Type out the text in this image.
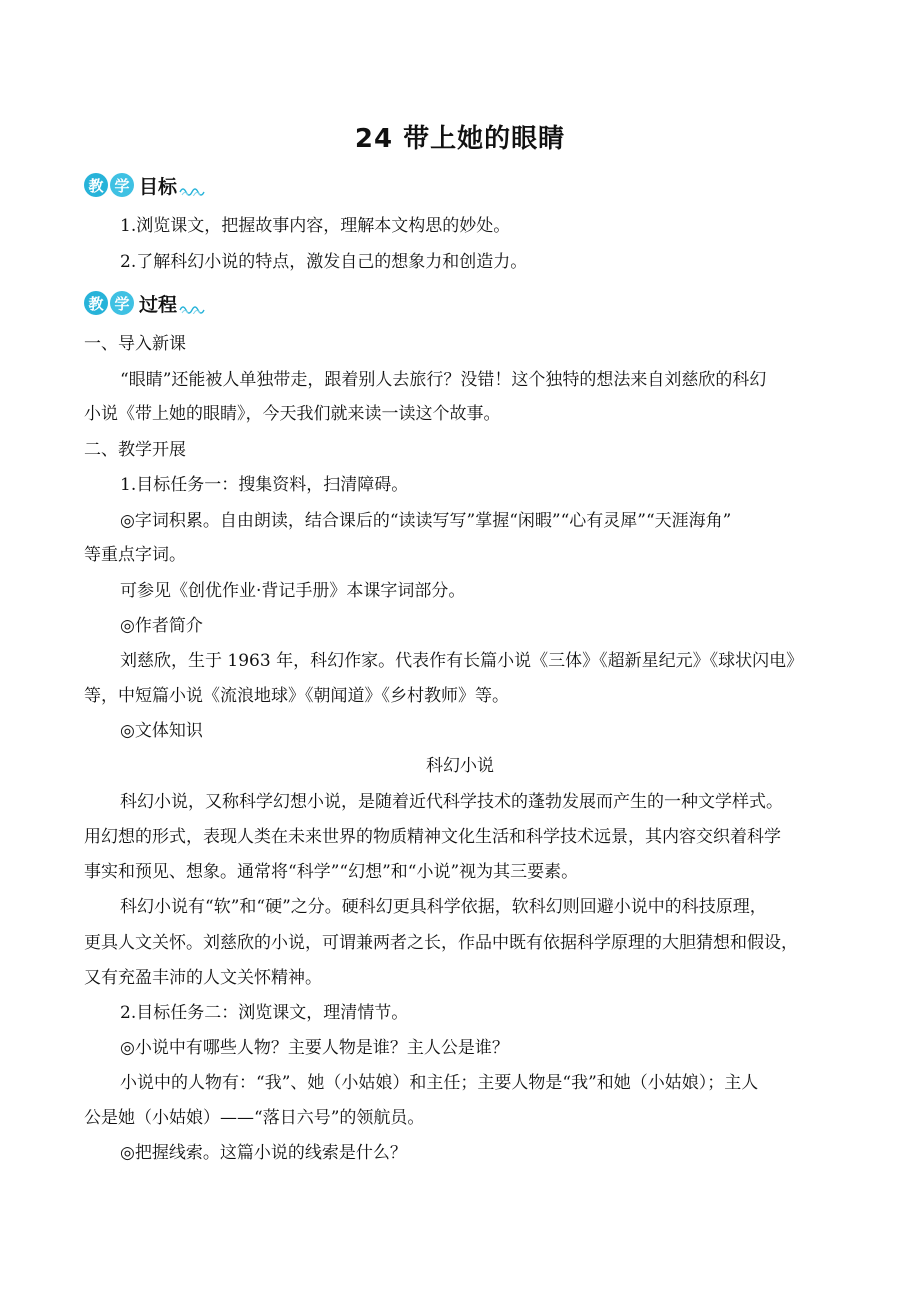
24 带上她的眼睛
教 学 目标
1.浏览课文，把握故事内容，理解本文构思的妙处。
2.了解科幻小说的特点，激发自己的想象力和创造力。
教 学 过程
一、导入新课
“眼睛”还能被人单独带走，跟着别人去旅行？没错！这个独特的想法来自刘慈欣的科幻
小说《带上她的眼睛》，今天我们就来读一读这个故事。
二、教学开展
1.目标任务一：搜集资料，扫清障碍。
◎字词积累。自由朗读，结合课后的“读读写写”掌握“闲暇”“心有灵犀”“天涯海角”
等重点字词。
可参见《创优作业·背记手册》本课字词部分。
◎作者简介
刘慈欣，生于 1963 年，科幻作家。代表作有长篇小说《三体》《超新星纪元》《球状闪电》
等，中短篇小说《流浪地球》《朝闻道》《乡村教师》等。
◎文体知识
科幻小说
科幻小说，又称科学幻想小说，是随着近代科学技术的蓬勃发展而产生的一种文学样式。
用幻想的形式，表现人类在未来世界的物质精神文化生活和科学技术远景，其内容交织着科学
事实和预见、想象。通常将“科学”“幻想”和“小说”视为其三要素。
科幻小说有“软”和“硬”之分。硬科幻更具科学依据，软科幻则回避小说中的科技原理，
更具人文关怀。刘慈欣的小说，可谓兼两者之长，作品中既有依据科学原理的大胆猜想和假设，
又有充盈丰沛的人文关怀精神。
2.目标任务二：浏览课文，理清情节。
◎小说中有哪些人物？主要人物是谁？主人公是谁？
小说中的人物有：“我”、她（小姑娘）和主任；主要人物是“我”和她（小姑娘）；主人
公是她（小姑娘）——“落日六号”的领航员。
◎把握线索。这篇小说的线索是什么？
